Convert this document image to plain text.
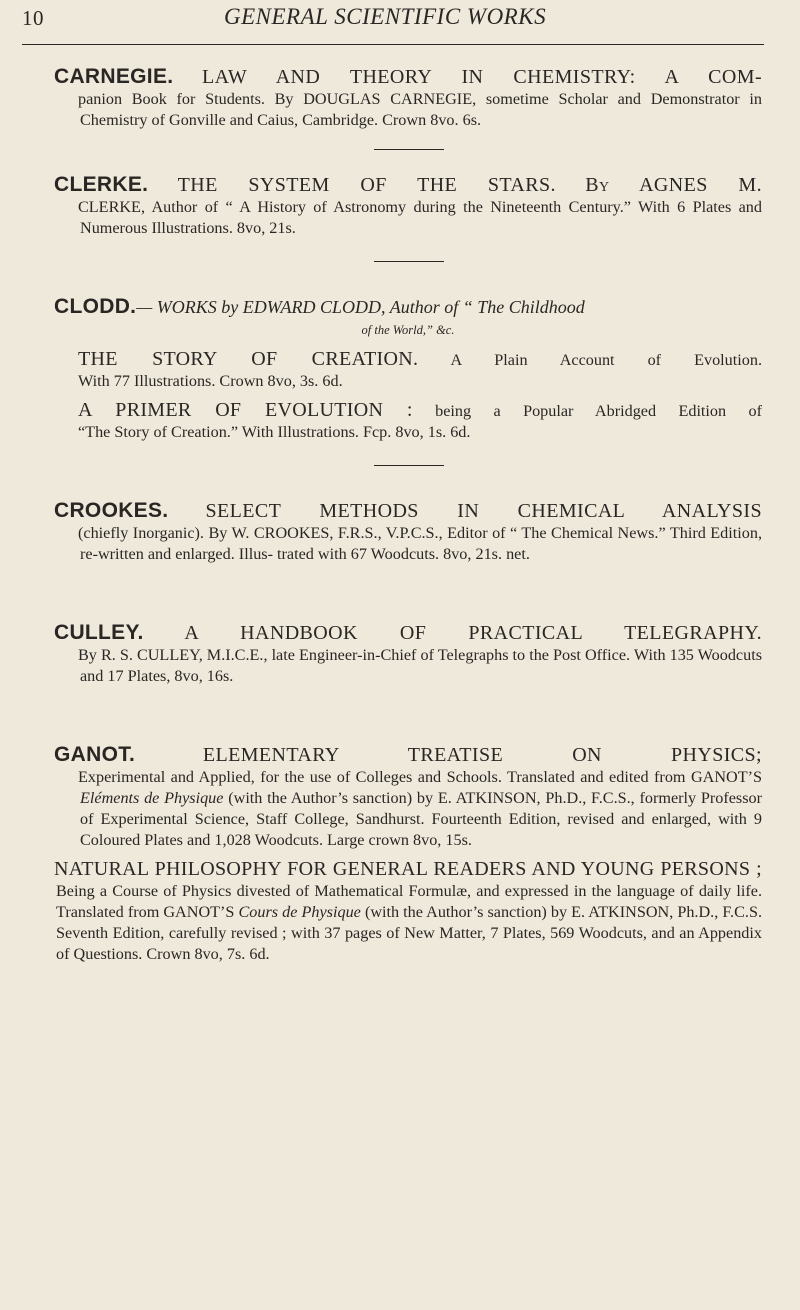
10	GENERAL SCIENTIFIC WORKS

CARNEGIE. LAW AND THEORY IN CHEMISTRY: A COM-

panion Book for Students. By DOUGLAS CARNEGIE, sometime Scholar and Demonstrator in Chemistry of Gonville and Caius, Cambridge. Crown 8vo. 6s.

CLERKE. THE SYSTEM OF THE STARS. By AGNES M.

CLERKE, Author of “ A History of Astronomy during the Nineteenth Century.” With 6 Plates and Numerous Illustrations. 8vo, 21s.

CLODD.— WORKS by EDWARD CLODD, Author of “ The Childhood

of the World,” &c.

THE STORY OF CREATION. A Plain Account of Evolution.

With 77 Illustrations. Crown 8vo, 3s. 6d.

A PRIMER OF EVOLUTION : being a Popular Abridged Edition of

“The Story of Creation.” With Illustrations. Fcp. 8vo, 1s. 6d.

CROOKES. SELECT METHODS IN CHEMICAL ANALYSIS

(chiefly Inorganic). By W. CROOKES, F.R.S., V.P.C.S., Editor of “ The Chemical News.” Third Edition, re-written and enlarged. Illus- trated with 67 Woodcuts. 8vo, 21s. net.

CULLEY. A HANDBOOK OF PRACTICAL TELEGRAPHY.

By R. S. CULLEY, M.I.C.E., late Engineer-in-Chief of Telegraphs to the Post Office. With 135 Woodcuts and 17 Plates, 8vo, 16s.

GANOT.	ELEMENTARY TREATISE ON PHYSICS;

Experimental and Applied, for the use of Colleges and Schools. Translated and edited from GANOT’S Eléments de Physique (with the Author’s sanction) by E. ATKINSON, Ph.D., F.C.S., formerly Professor of Experimental Science, Staff College, Sandhurst. Fourteenth Edition, revised and enlarged, with 9 Coloured Plates and 1,028 Woodcuts. Large crown 8vo, 15s.

NATURAL PHILOSOPHY FOR GENERAL READERS AND YOUNG PERSONS ; Being a Course of Physics divested of Mathematical Formulæ, and expressed in the language of daily life. Translated from GANOT’S Cours de Physique (with the Author’s sanction) by E. ATKINSON, Ph.D., F.C.S. Seventh Edition, carefully revised ; with 37 pages of New Matter, 7 Plates, 569 Woodcuts, and an Appendix of Questions. Crown 8vo, 7s. 6d.
